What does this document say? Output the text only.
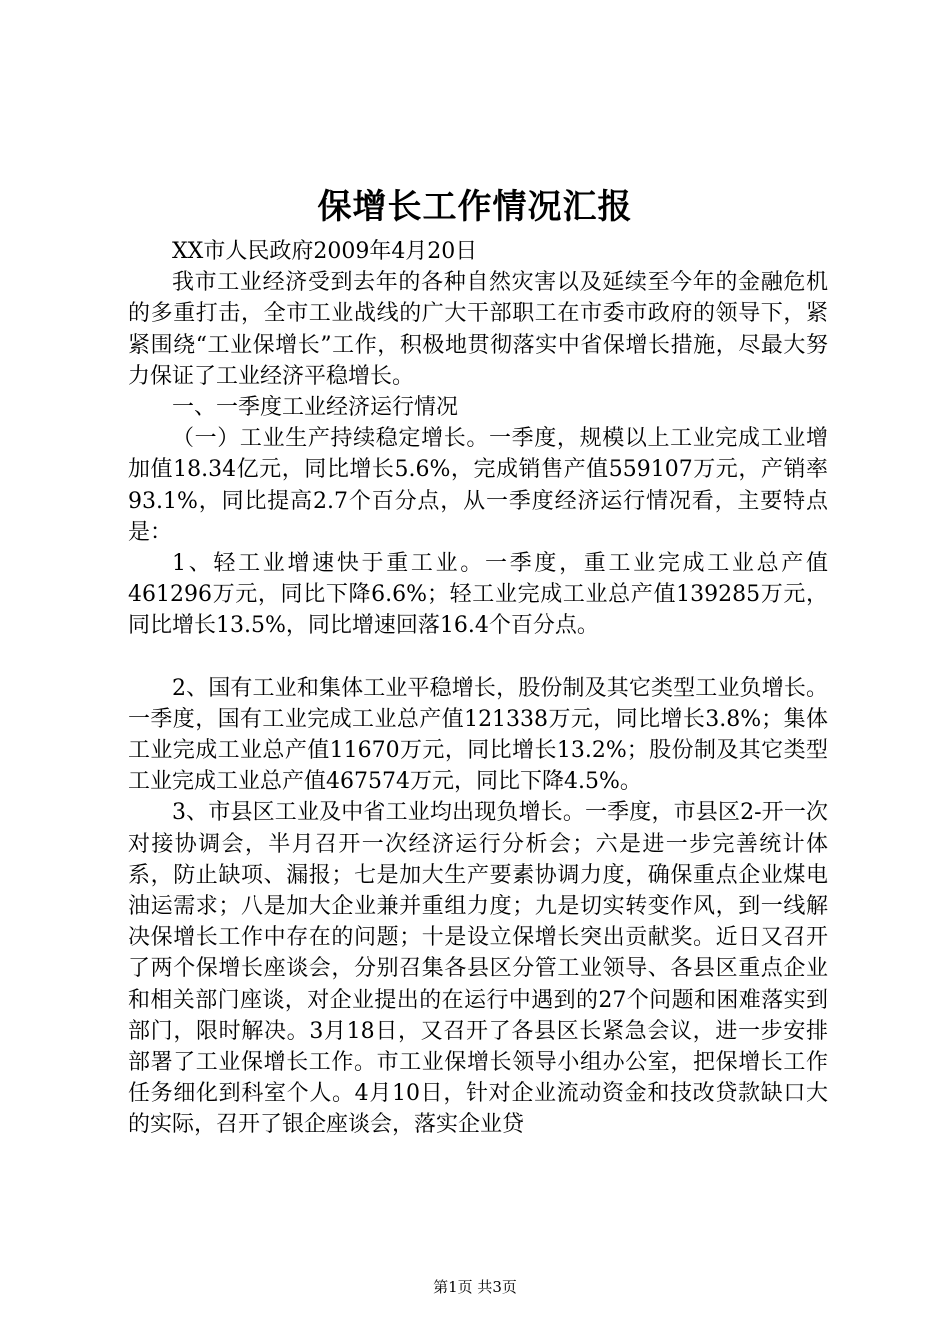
保增长工作情况汇报

XX市人民政府2009年4月20日

我市工业经济受到去年的各种自然灾害以及延续至今年的金融危机的多重打击，全市工业战线的广大干部职工在市委市政府的领导下，紧紧围绕“工业保增长”工作，积极地贯彻落实中省保增长措施，尽最大努力保证了工业经济平稳增长。

一、一季度工业经济运行情况

（一）工业生产持续稳定增长。一季度，规模以上工业完成工业增加值18.34亿元，同比增长5.6%，完成销售产值559107万元，产销率93.1%，同比提高2.7个百分点，从一季度经济运行情况看，主要特点是：

1、轻工业增速快于重工业。一季度，重工业完成工业总产值461296万元，同比下降6.6%；轻工业完成工业总产值139285万元，同比增长13.5%，同比增速回落16.4个百分点。

2、国有工业和集体工业平稳增长，股份制及其它类型工业负增长。一季度，国有工业完成工业总产值121338万元，同比增长3.8%；集体工业完成工业总产值11670万元，同比增长13.2%；股份制及其它类型工业完成工业总产值467574万元，同比下降4.5%。

3、市县区工业及中省工业均出现负增长。一季度，市县区2-开一次对接协调会，半月召开一次经济运行分析会；六是进一步完善统计体系，防止缺项、漏报；七是加大生产要素协调力度，确保重点企业煤电油运需求；八是加大企业兼并重组力度；九是切实转变作风，到一线解决保增长工作中存在的问题；十是设立保增长突出贡献奖。近日又召开了两个保增长座谈会，分别召集各县区分管工业领导、各县区重点企业和相关部门座谈，对企业提出的在运行中遇到的27个问题和困难落实到部门，限时解决。3月18日，又召开了各县区长紧急会议，进一步安排部署了工业保增长工作。市工业保增长领导小组办公室，把保增长工作任务细化到科室个人。4月10日，针对企业流动资金和技改贷款缺口大的实际，召开了银企座谈会，落实企业贷

第1页 共3页
